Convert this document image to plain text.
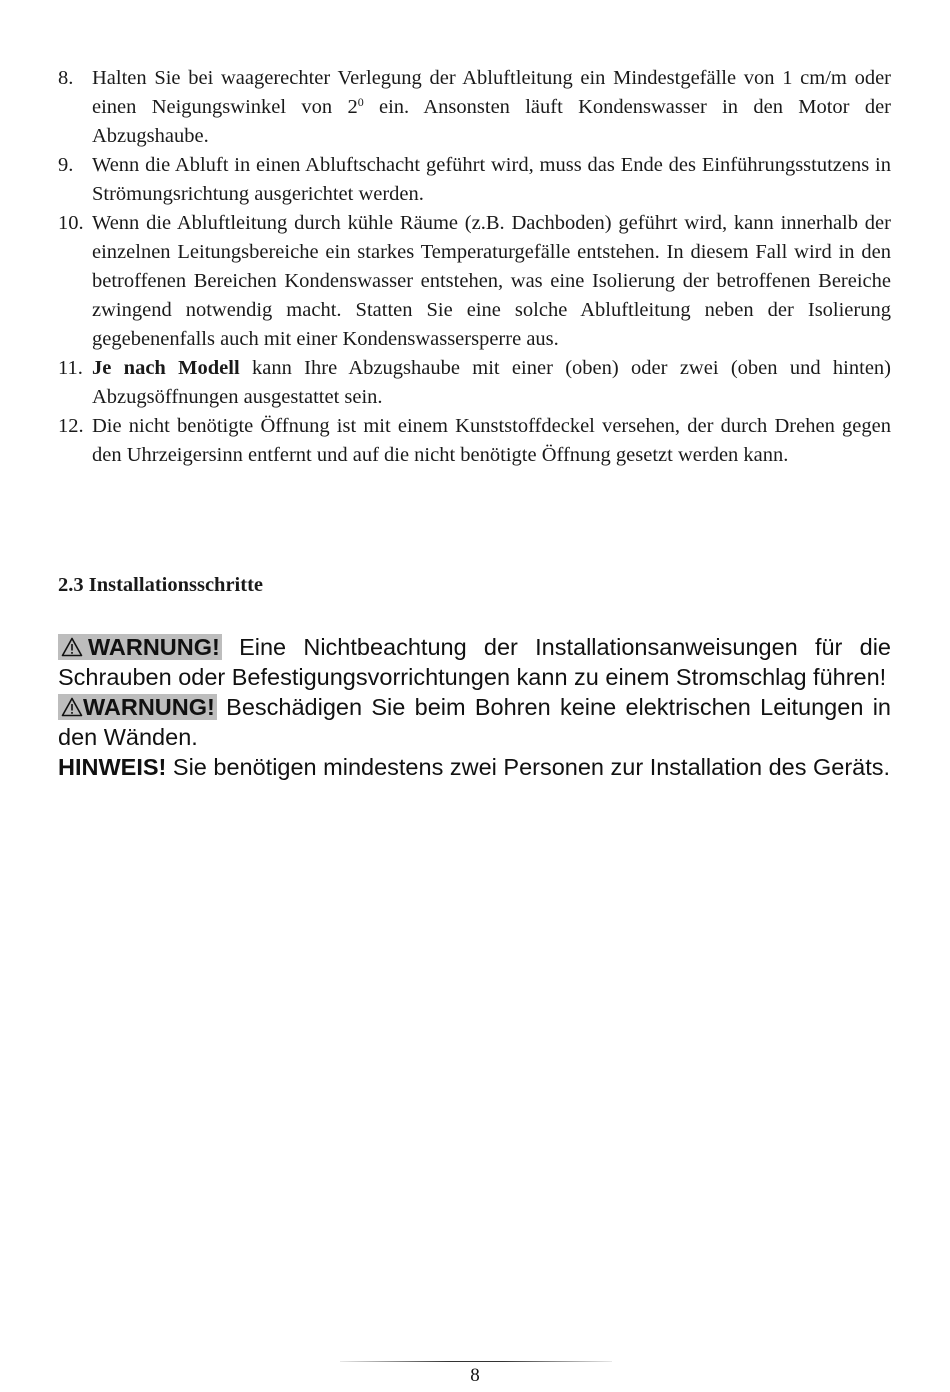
8. Halten Sie bei waagerechter Verlegung der Abluftleitung ein Mindestgefälle von 1 cm/m oder einen Neigungswinkel von $2^0$ ein. Ansonsten läuft Kondenswasser in den Motor der Abzugshaube.
9. Wenn die Abluft in einen Abluftschacht geführt wird, muss das Ende des Einführungsstutzens in Strömungsrichtung ausgerichtet werden.
10. Wenn die Abluftleitung durch kühle Räume (z.B. Dachboden) geführt wird, kann innerhalb der einzelnen Leitungsbereiche ein starkes Temperaturgefälle entstehen. In diesem Fall wird in den betroffenen Bereichen Kondenswasser entstehen, was eine Isolierung der betroffenen Bereiche zwingend notwendig macht. Statten Sie eine solche Abluftleitung neben der Isolierung gegebenenfalls auch mit einer Kondenswassersperre aus.
11. Je nach Modell kann Ihre Abzugshaube mit einer (oben) oder zwei (oben und hinten) Abzugsöffnungen ausgestattet sein.
12. Die nicht benötigte Öffnung ist mit einem Kunststoffdeckel versehen, der durch Drehen gegen den Uhrzeigersinn entfernt und auf die nicht benötigte Öffnung gesetzt werden kann.
2.3 Installationsschritte
WARNUNG! Eine Nichtbeachtung der Installationsanweisungen für die Schrauben oder Befestigungsvorrichtungen kann zu einem Stromschlag führen!
WARNUNG! Beschädigen Sie beim Bohren keine elektrischen Leitungen in den Wänden.
HINWEIS! Sie benötigen mindestens zwei Personen zur Installation des Geräts.
8
